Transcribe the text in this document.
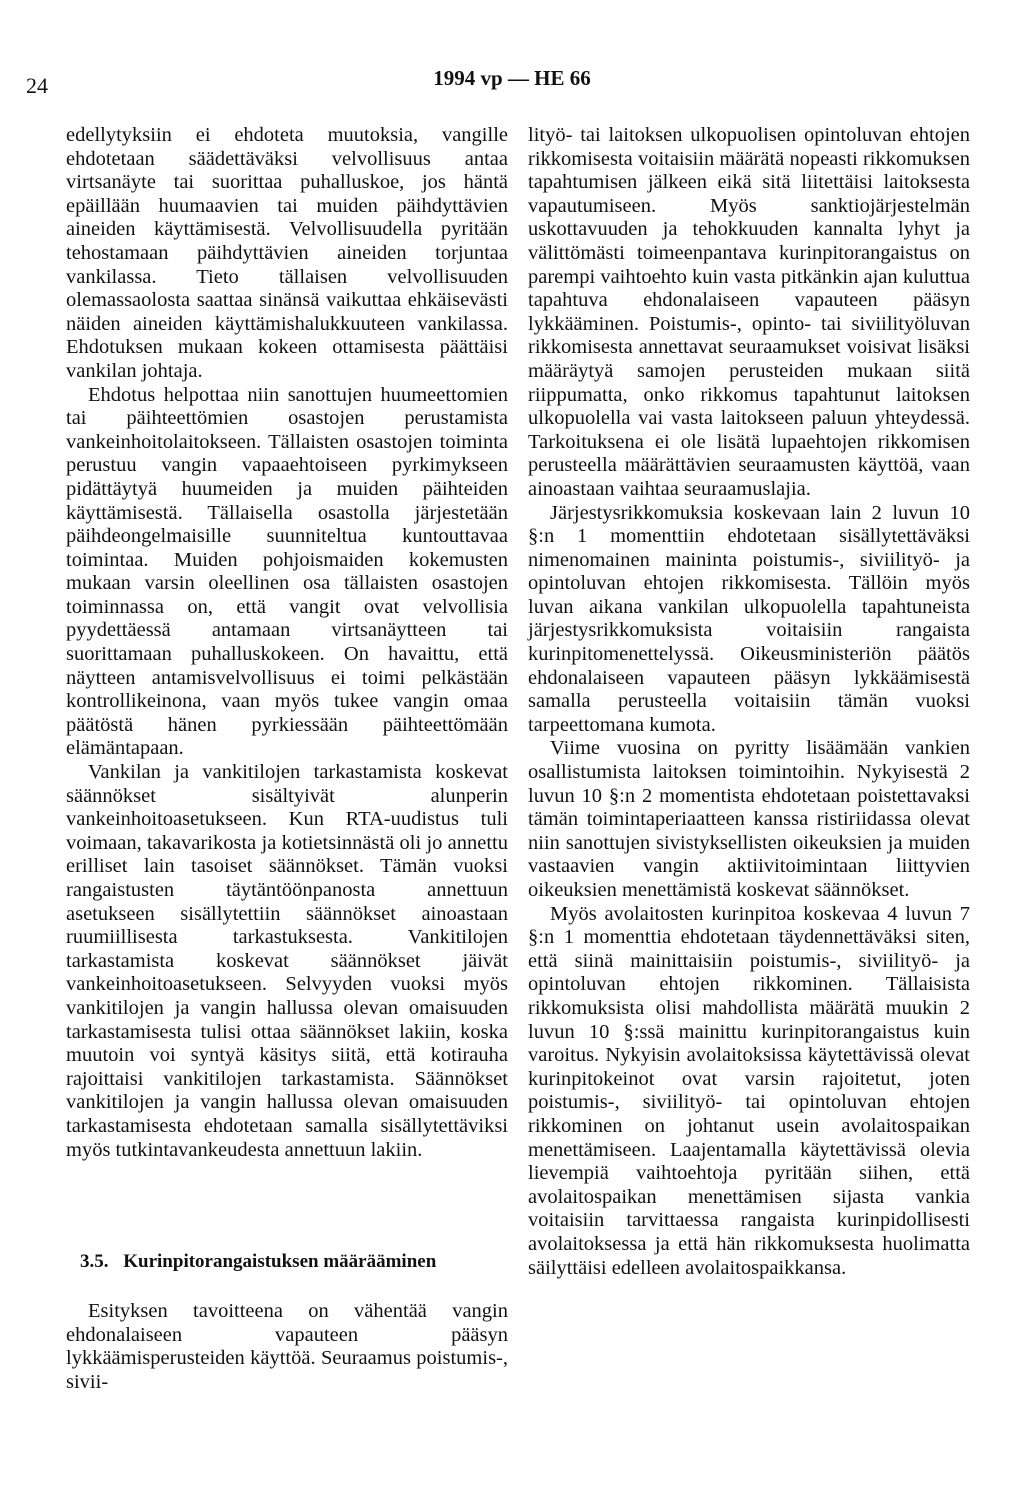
24	1994 vp — HE 66

edellytyksiin ei ehdoteta muutoksia, vangille ehdotetaan säädettäväksi velvollisuus antaa virtsanäyte tai suorittaa puhalluskoe, jos häntä epäillään huumaavien tai muiden päihdyttävien aineiden käyttämisestä. Velvollisuudella pyritään tehostamaan päihdyttävien aineiden torjuntaa vankilassa. Tieto tällaisen velvollisuuden olemassaolosta saattaa sinänsä vaikuttaa ehkäisevästi näiden aineiden käyttämishalukkuuteen vankilassa. Ehdotuksen mukaan kokeen ottamisesta päättäisi vankilan johtaja.

Ehdotus helpottaa niin sanottujen huumeettomien tai päihteettömien osastojen perustamista vankeinhoitolaitokseen. Tällaisten osastojen toiminta perustuu vangin vapaaehtoiseen pyrkimykseen pidättäytyä huumeiden ja muiden päihteiden käyttämisestä. Tällaisella osastolla järjestetään päihdeongelmaisille suunniteltua kuntouttavaa toimintaa. Muiden pohjoismaiden kokemusten mukaan varsin oleellinen osa tällaisten osastojen toiminnassa on, että vangit ovat velvollisia pyydettäessä antamaan virtsanäytteen tai suorittamaan puhalluskokeen. On havaittu, että näytteen antamisvelvollisuus ei toimi pelkästään kontrollikeinona, vaan myös tukee vangin omaa päätöstä hänen pyrkiessään päihteettömään elämäntapaan.

Vankilan ja vankitilojen tarkastamista koskevat säännökset sisältyivät alunperin vankeinhoitoasetukseen. Kun RTA-uudistus tuli voimaan, takavarikosta ja kotietsinnästä oli jo annettu erilliset lain tasoiset säännökset. Tämän vuoksi rangaistusten täytäntöönpanosta annettuun asetukseen sisällytettiin säännökset ainoastaan ruumiillisesta tarkastuksesta. Vankitilojen tarkastamista koskevat säännökset jäivät vankeinhoitoasetukseen. Selvyyden vuoksi myös vankitilojen ja vangin hallussa olevan omaisuuden tarkastamisesta tulisi ottaa säännökset lakiin, koska muutoin voi syntyä käsitys siitä, että kotirauha rajoittaisi vankitilojen tarkastamista. Säännökset vankitilojen ja vangin hallussa olevan omaisuuden tarkastamisesta ehdotetaan samalla sisällytettäviksi myös tutkintavankeudesta annettuun lakiin.

3.5. Kurinpitorangaistuksen määrääminen

Esityksen tavoitteena on vähentää vangin ehdonalaiseen vapauteen pääsyn lykkäämisperusteiden käyttöä. Seuraamus poistumis-, sivii-

lityö- tai laitoksen ulkopuolisen opintoluvan ehtojen rikkomisesta voitaisiin määrätä nopeasti rikkomuksen tapahtumisen jälkeen eikä sitä liitettäisi laitoksesta vapautumiseen. Myös sanktiojärjestelmän uskottavuuden ja tehokkuuden kannalta lyhyt ja välittömästi toimeenpantava kurinpitorangaistus on parempi vaihtoehto kuin vasta pitkänkin ajan kuluttua tapahtuva ehdonalaiseen vapauteen pääsyn lykkääminen. Poistumis-, opinto- tai siviilityöluvan rikkomisesta annettavat seuraamukset voisivat lisäksi määräytyä samojen perusteiden mukaan siitä riippumatta, onko rikkomus tapahtunut laitoksen ulkopuolella vai vasta laitokseen paluun yhteydessä. Tarkoituksena ei ole lisätä lupaehtojen rikkomisen perusteella määrättävien seuraamusten käyttöä, vaan ainoastaan vaihtaa seuraamuslajia.

Järjestysrikkomuksia koskevaan lain 2 luvun 10 §:n 1 momenttiin ehdotetaan sisällytettäväksi nimenomainen maininta poistumis-, siviilityö- ja opintoluvan ehtojen rikkomisesta. Tällöin myös luvan aikana vankilan ulkopuolella tapahtuneista järjestysrikkomuksista voitaisiin rangaista kurinpitomenettelyssä. Oikeusministeriön päätös ehdonalaiseen vapauteen pääsyn lykkäämisestä samalla perusteella voitaisiin tämän vuoksi tarpeettomana kumota.

Viime vuosina on pyritty lisäämään vankien osallistumista laitoksen toimintoihin. Nykyisestä 2 luvun 10 §:n 2 momentista ehdotetaan poistettavaksi tämän toimintaperiaatteen kanssa ristiriidassa olevat niin sanottujen sivistyksellisten oikeuksien ja muiden vastaavien vangin aktiivitoimintaan liittyvien oikeuksien menettämistä koskevat säännökset.

Myös avolaitosten kurinpitoa koskevaa 4 luvun 7 §:n 1 momenttia ehdotetaan täydennettäväksi siten, että siinä mainittaisiin poistumis-, siviilityö- ja opintoluvan ehtojen rikkominen. Tällaisista rikkomuksista olisi mahdollista määrätä muukin 2 luvun 10 §:ssä mainittu kurinpitorangaistus kuin varoitus. Nykyisin avolaitoksissa käytettävissä olevat kurinpitokeinot ovat varsin rajoitetut, joten poistumis-, siviilityö- tai opintoluvan ehtojen rikkominen on johtanut usein avolaitospaikan menettämiseen. Laajentamalla käytettävissä olevia lievempiä vaihtoehtoja pyritään siihen, että avolaitospaikan menettämisen sijasta vankia voitaisiin tarvittaessa rangaista kurinpidollisesti avolaitoksessa ja että hän rikkomuksesta huolimatta säilyttäisi edelleen avolaitospaikkansa.
